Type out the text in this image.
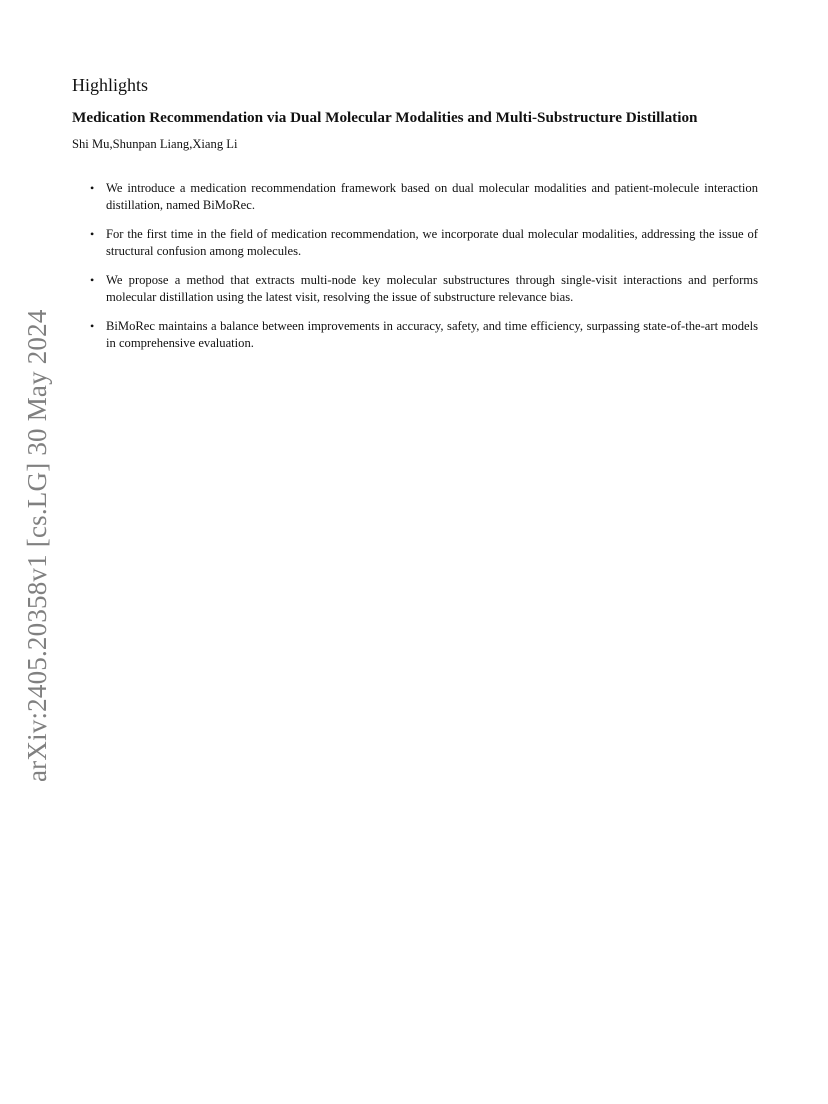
Highlights
Medication Recommendation via Dual Molecular Modalities and Multi-Substructure Distillation
Shi Mu,Shunpan Liang,Xiang Li
• We introduce a medication recommendation framework based on dual molecular modalities and patient-molecule interaction distillation, named BiMoRec.
• For the first time in the field of medication recommendation, we incorporate dual molecular modalities, addressing the issue of structural confusion among molecules.
• We propose a method that extracts multi-node key molecular substructures through single-visit interactions and performs molecular distillation using the latest visit, resolving the issue of substructure relevance bias.
• BiMoRec maintains a balance between improvements in accuracy, safety, and time efficiency, surpassing state-of-the-art models in comprehensive evaluation.
arXiv:2405.20358v1 [cs.LG] 30 May 2024
